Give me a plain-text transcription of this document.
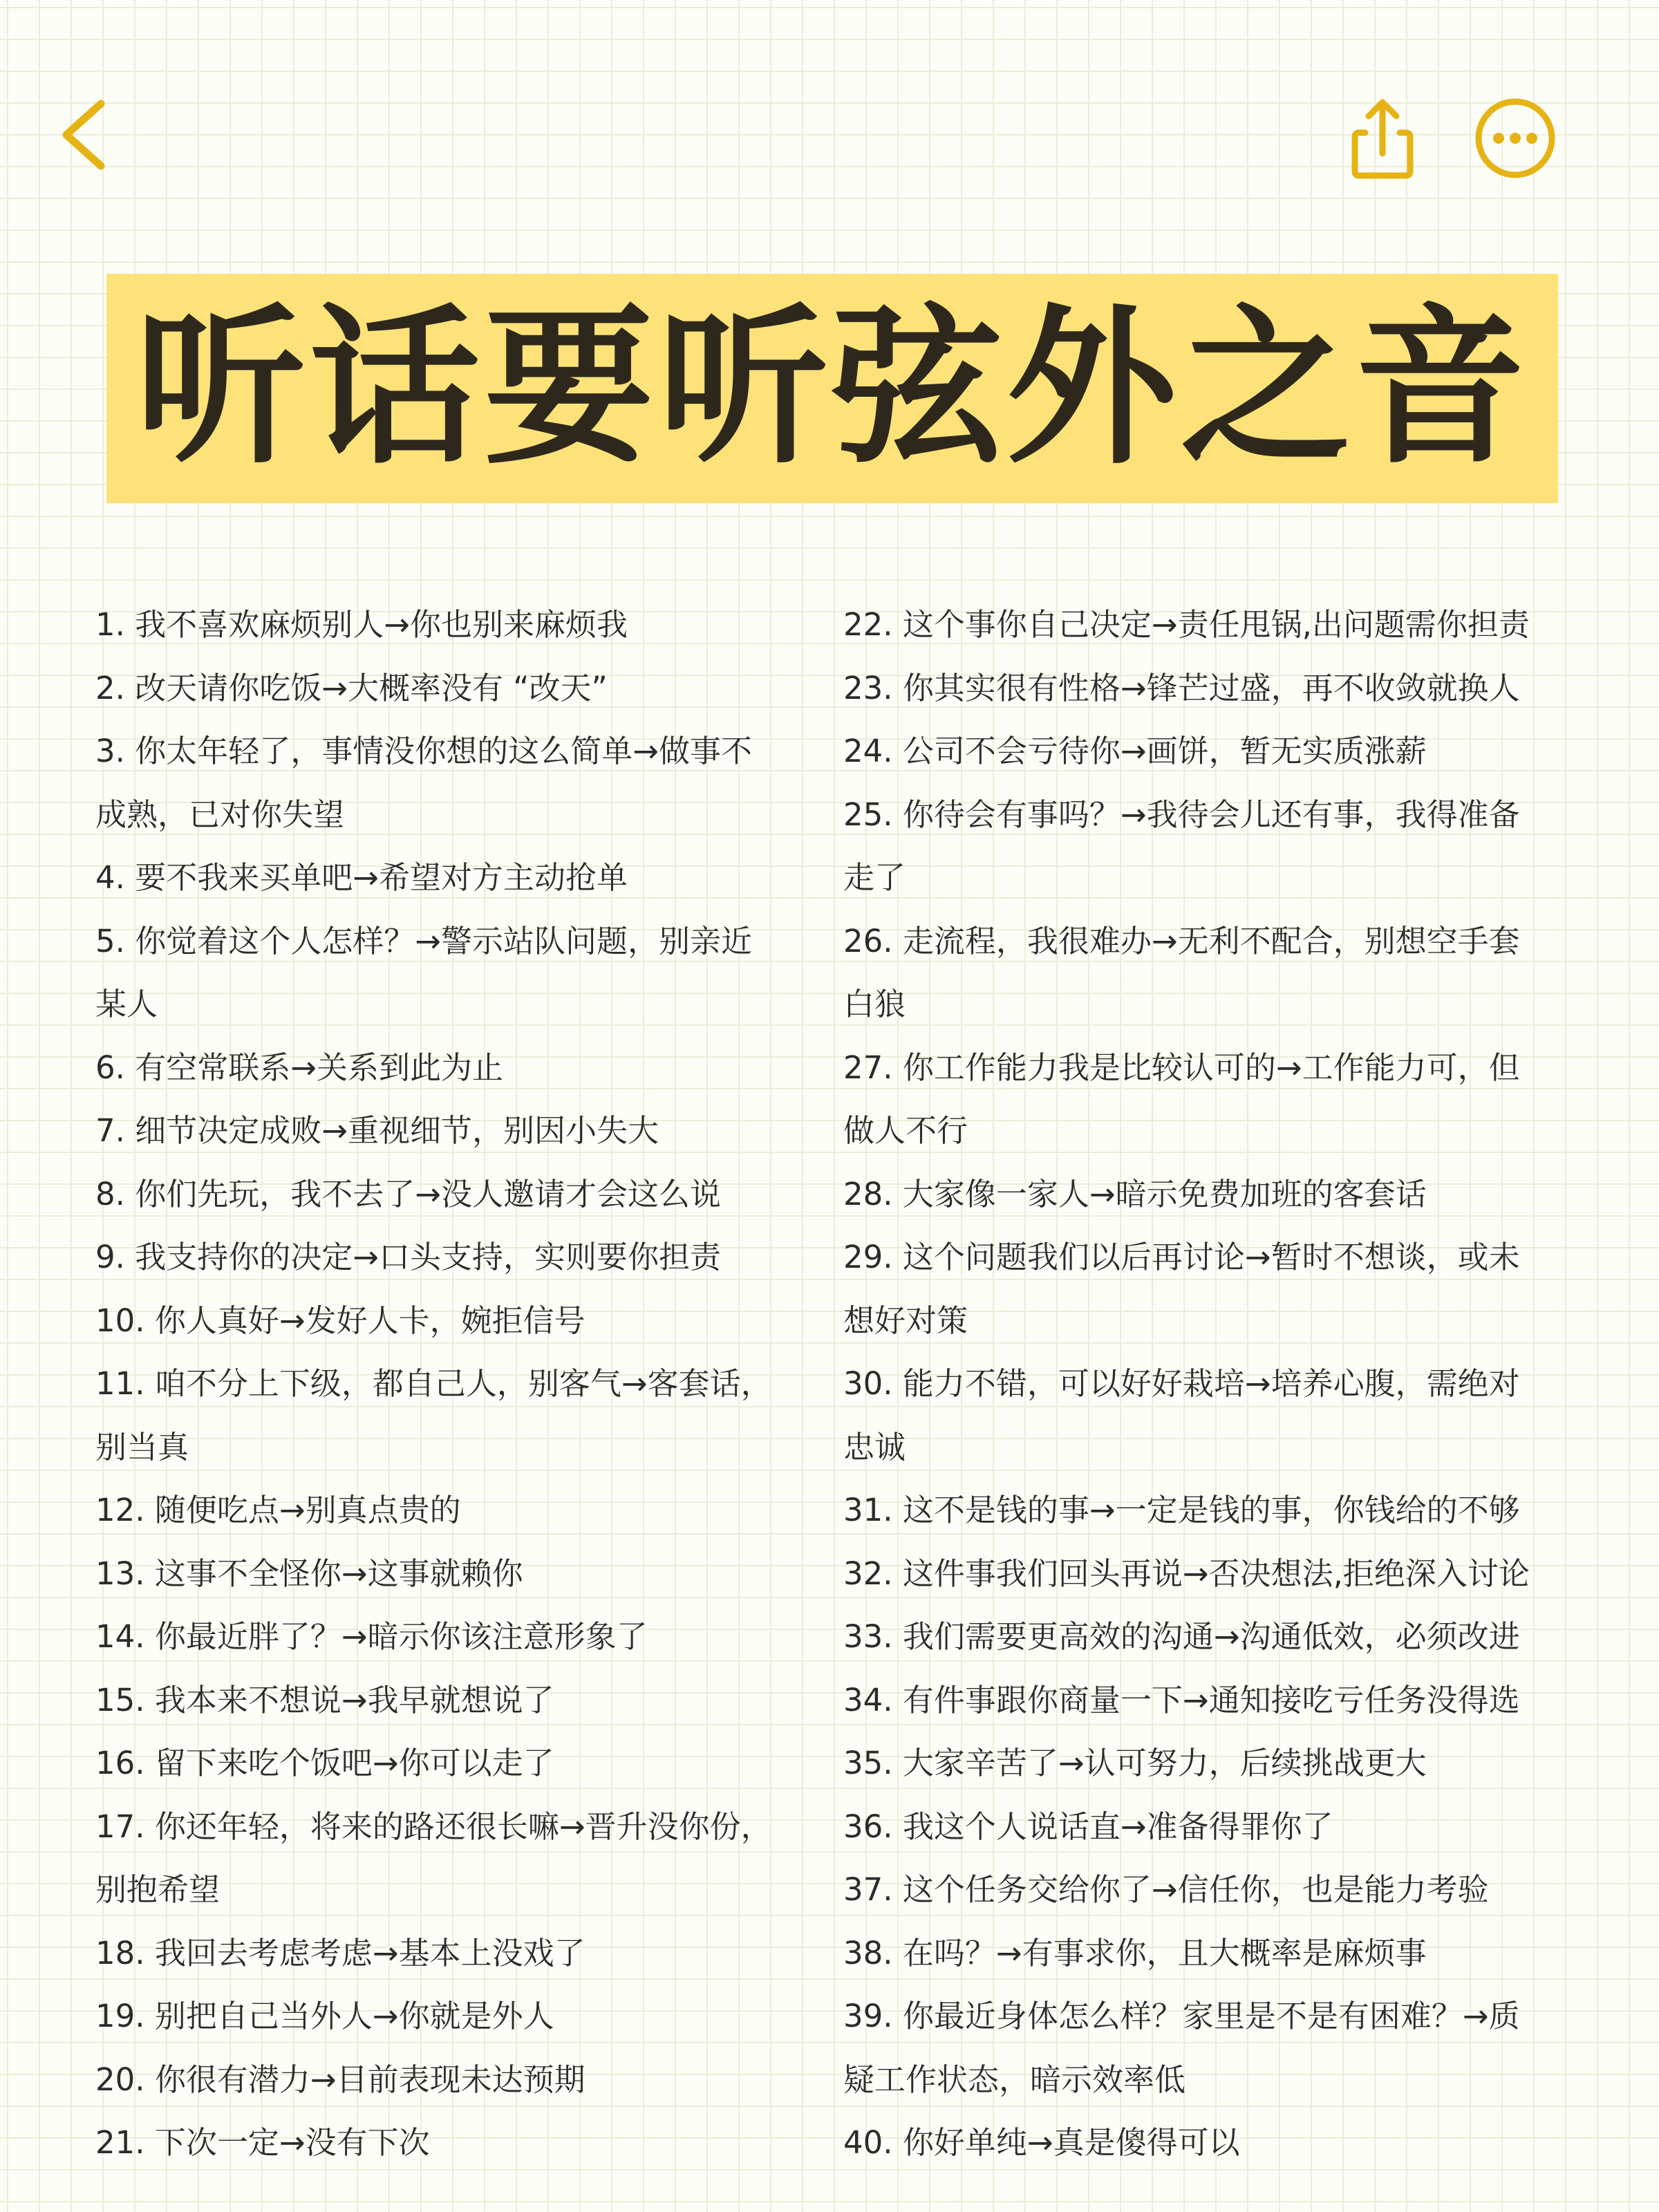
听话要听弦外之音
1. 我不喜欢麻烦别人→你也别来麻烦我
2. 改天请你吃饭→大概率没有 “改天”
3. 你太年轻了，事情没你想的这么简单→做事不
成熟，已对你失望
4. 要不我来买单吧→希望对方主动抢单
5. 你觉着这个人怎样？→警示站队问题，别亲近
某人
6. 有空常联系→关系到此为止
7. 细节决定成败→重视细节，别因小失大
8. 你们先玩，我不去了→没人邀请才会这么说
9. 我支持你的决定→口头支持，实则要你担责
10. 你人真好→发好人卡，婉拒信号
11. 咱不分上下级，都自己人，别客气→客套话，
别当真
12. 随便吃点→别真点贵的
13. 这事不全怪你→这事就赖你
14. 你最近胖了？→暗示你该注意形象了
15. 我本来不想说→我早就想说了
16. 留下来吃个饭吧→你可以走了
17. 你还年轻，将来的路还很长嘛→晋升没你份，
别抱希望
18. 我回去考虑考虑→基本上没戏了
19. 别把自己当外人→你就是外人
20. 你很有潜力→目前表现未达预期
21. 下次一定→没有下次
22. 这个事你自己决定→责任甩锅,出问题需你担责
23. 你其实很有性格→锋芒过盛，再不收敛就换人
24. 公司不会亏待你→画饼，暂无实质涨薪
25. 你待会有事吗？→我待会儿还有事，我得准备
走了
26. 走流程，我很难办→无利不配合，别想空手套
白狼
27. 你工作能力我是比较认可的→工作能力可，但
做人不行
28. 大家像一家人→暗示免费加班的客套话
29. 这个问题我们以后再讨论→暂时不想谈，或未
想好对策
30. 能力不错，可以好好栽培→培养心腹，需绝对
忠诚
31. 这不是钱的事→一定是钱的事，你钱给的不够
32. 这件事我们回头再说→否决想法,拒绝深入讨论
33. 我们需要更高效的沟通→沟通低效，必须改进
34. 有件事跟你商量一下→通知接吃亏任务没得选
35. 大家辛苦了→认可努力，后续挑战更大
36. 我这个人说话直→准备得罪你了
37. 这个任务交给你了→信任你，也是能力考验
38. 在吗？→有事求你，且大概率是麻烦事
39. 你最近身体怎么样？家里是不是有困难？→质
疑工作状态，暗示效率低
40. 你好单纯→真是傻得可以
